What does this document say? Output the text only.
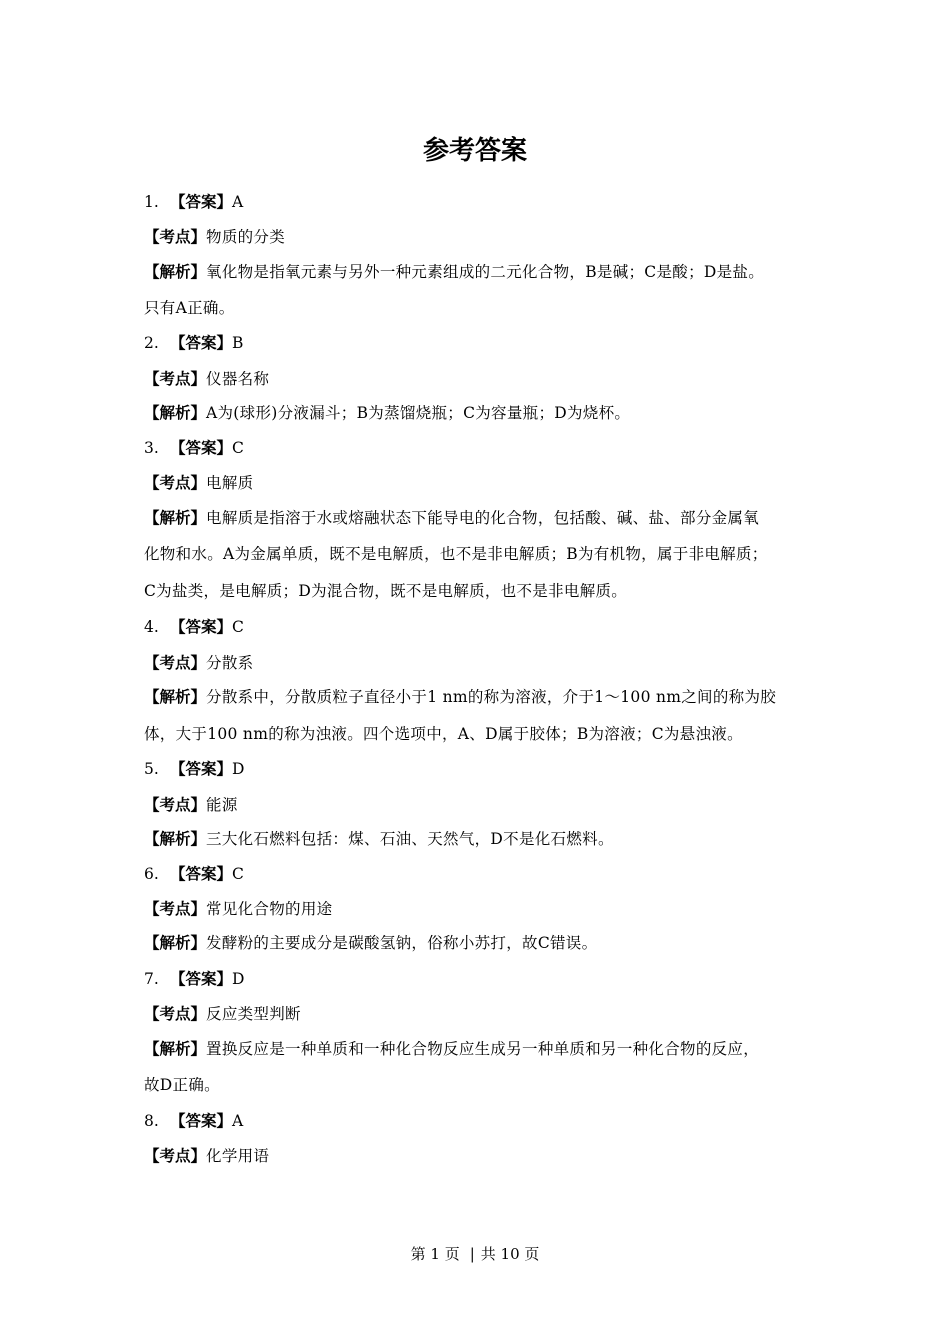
参考答案
1. 【答案】A
【考点】物质的分类
【解析】氧化物是指氧元素与另外一种元素组成的二元化合物，B是碱；C是酸；D是盐。
只有A正确。
2. 【答案】B
【考点】仪器名称
【解析】A为(球形)分液漏斗；B为蒸馏烧瓶；C为容量瓶；D为烧杯。
3. 【答案】C
【考点】电解质
【解析】电解质是指溶于水或熔融状态下能导电的化合物，包括酸、碱、盐、部分金属氧
化物和水。A为金属单质，既不是电解质，也不是非电解质；B为有机物，属于非电解质；
C为盐类，是电解质；D为混合物，既不是电解质，也不是非电解质。
4. 【答案】C
【考点】分散系
【解析】分散系中，分散质粒子直径小于1 nm的称为溶液，介于1～100 nm之间的称为胶
体，大于100 nm的称为浊液。四个选项中，A、D属于胶体；B为溶液；C为悬浊液。
5. 【答案】D
【考点】能源
【解析】三大化石燃料包括：煤、石油、天然气，D不是化石燃料。
6. 【答案】C
【考点】常见化合物的用途
【解析】发酵粉的主要成分是碳酸氢钠，俗称小苏打，故C错误。
7. 【答案】D
【考点】反应类型判断
【解析】置换反应是一种单质和一种化合物反应生成另一种单质和另一种化合物的反应，
故D正确。
8. 【答案】A
【考点】化学用语
第 1 页 | 共 10 页
